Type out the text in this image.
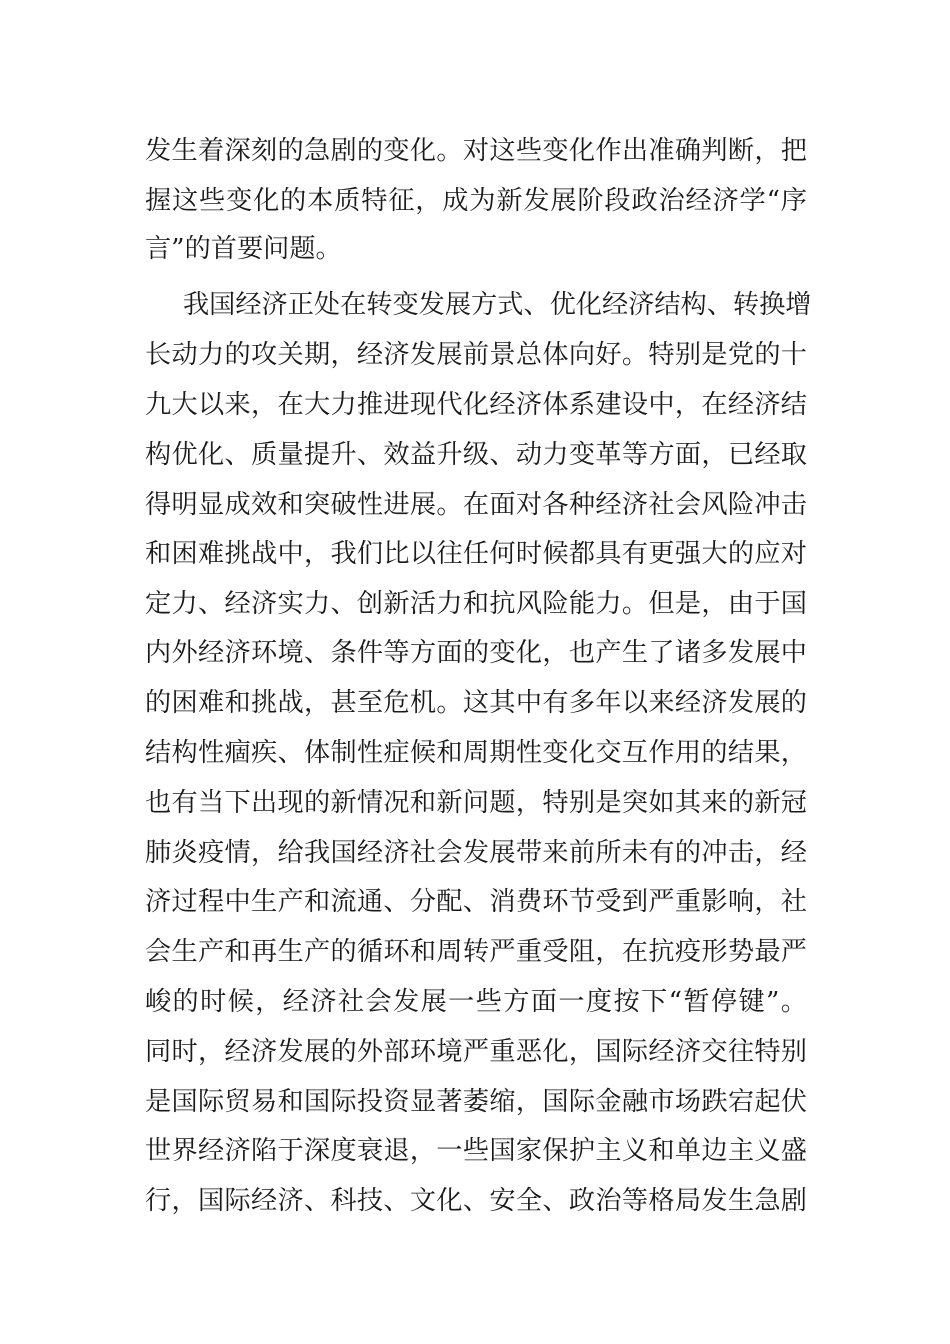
发生着深刻的急剧的变化。对这些变化作出准确判断，把

握这些变化的本质特征，成为新发展阶段政治经济学“序

言”的首要问题。

我国经济正处在转变发展方式、优化经济结构、转换增

长动力的攻关期，经济发展前景总体向好。特别是党的十

九大以来，在大力推进现代化经济体系建设中，在经济结

构优化、质量提升、效益升级、动力变革等方面，已经取

得明显成效和突破性进展。在面对各种经济社会风险冲击

和困难挑战中，我们比以往任何时候都具有更强大的应对

定力、经济实力、创新活力和抗风险能力。但是，由于国

内外经济环境、条件等方面的变化，也产生了诸多发展中

的困难和挑战，甚至危机。这其中有多年以来经济发展的

结构性痼疾、体制性症候和周期性变化交互作用的结果，

也有当下出现的新情况和新问题，特别是突如其来的新冠

肺炎疫情，给我国经济社会发展带来前所未有的冲击，经

济过程中生产和流通、分配、消费环节受到严重影响，社

会生产和再生产的循环和周转严重受阻，在抗疫形势最严

峻的时候，经济社会发展一些方面一度按下“暂停键”。

同时，经济发展的外部环境严重恶化，国际经济交往特别

是国际贸易和国际投资显著萎缩，国际金融市场跌宕起伏

世界经济陷于深度衰退，一些国家保护主义和单边主义盛

行，国际经济、科技、文化、安全、政治等格局发生急剧
